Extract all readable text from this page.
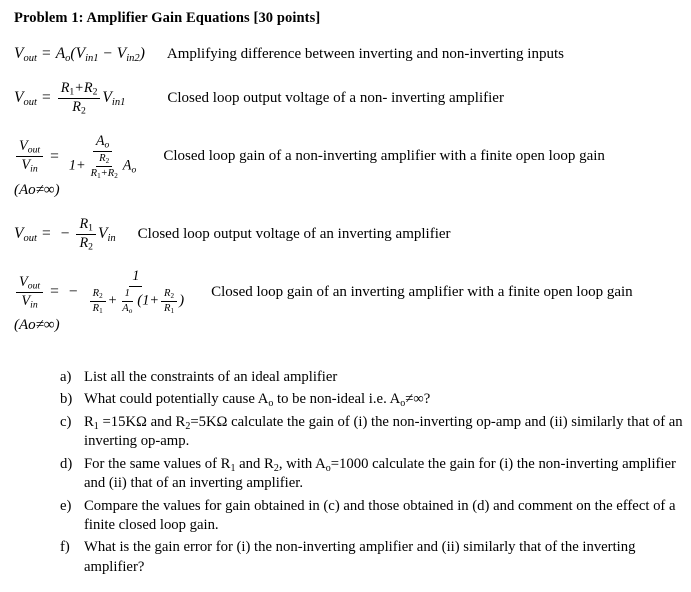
Problem 1: Amplifier Gain Equations [30 points]
$V_{out} = A_o(V_{in1} - V_{in2})$ Amplifying difference between inverting and non-inverting inputs
$V_{out} = \frac{R_1+R_2}{R_2} V_{in1}$	Closed loop output voltage of a non- inverting amplifier
$\frac{V_{out}}{V_{in}} = \frac{A_o}{1+ \frac{R_2}{R_1+R_2} A_o}$ Closed loop gain of a non-inverting amplifier with a finite open loop gain
(Ao≠∞)
$V_{out}$ = − $\frac{R_1}{R_2} V_{in}$ Closed loop output voltage of an inverting amplifier
$\frac{V_{out}}{V_{in}}$ = − $\frac{1}{\frac{R_2}{R_1} + \frac{1}{A_o} (1+ \frac{R_2}{R_1} )}$ Closed loop gain of an inverting amplifier with a finite open loop gain
(Ao≠∞)
a) List all the constraints of an ideal amplifier
b) What could potentially cause $A_o$ to be non-ideal i.e. $A_o\ne\infty$?
c) $R_1 =15K\Omega$ and $R_2=5K\Omega$ calculate the gain of (i) the non-inverting op-amp and (ii) similarly that of an inverting op-amp.
d) For the same values of $R_1$ and $R_2$, with $A_o=1000$ calculate the gain for (i) the non-inverting amplifier and (ii) that of an inverting amplifier.
e) Compare the values for gain obtained in (c) and those obtained in (d) and comment on the effect of a finite closed loop gain.
f) What is the gain error for (i) the non-inverting amplifier and (ii) similarly that of the inverting amplifier?
